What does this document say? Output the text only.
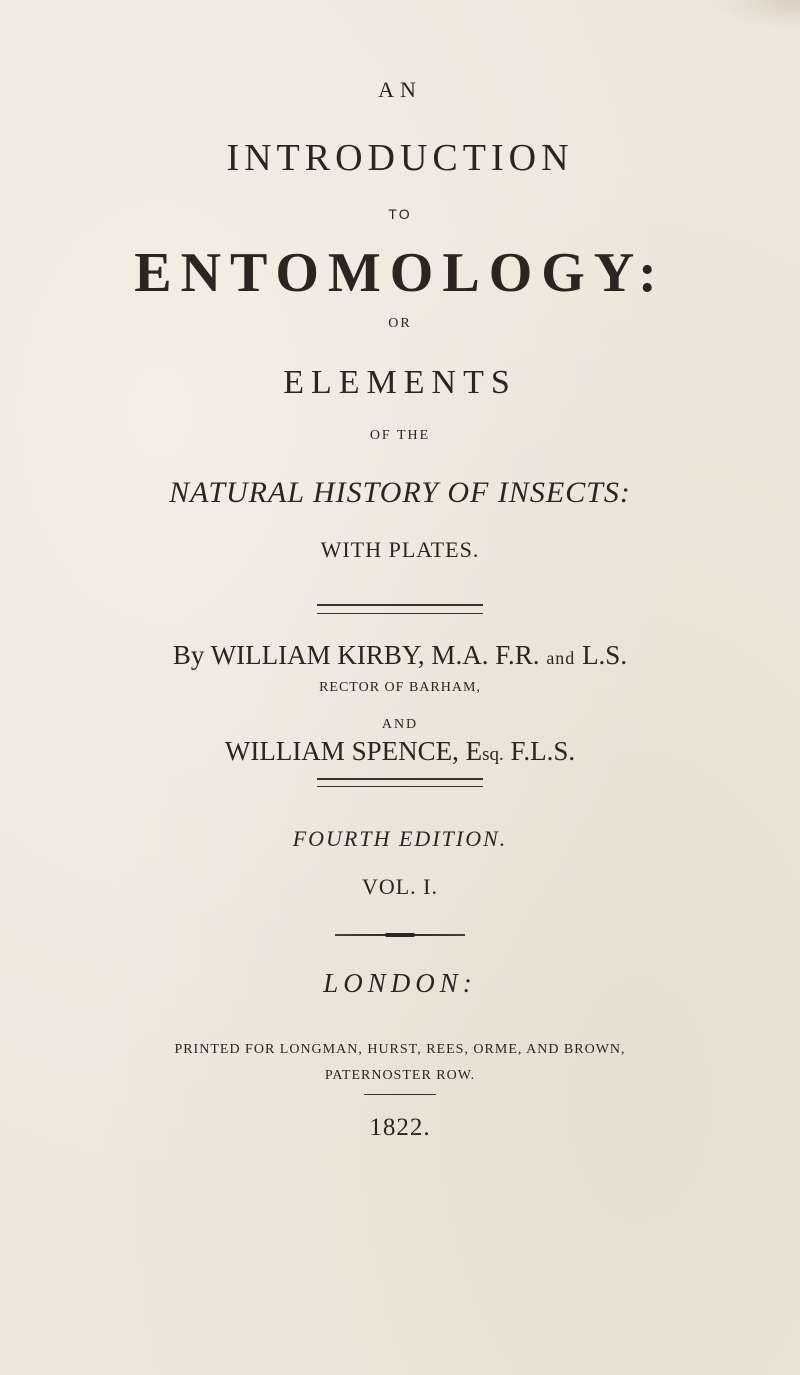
AN
INTRODUCTION
TO
ENTOMOLOGY:
OR
ELEMENTS
OF THE
NATURAL HISTORY OF INSECTS:
WITH PLATES.
By WILLIAM KIRBY, M.A. F.R. and L.S.
RECTOR OF BARHAM,
AND
WILLIAM SPENCE, Esq. F.L.S.
FOURTH EDITION.
VOL. I.
LONDON:
PRINTED FOR LONGMAN, HURST, REES, ORME, AND BROWN,
PATERNOSTER ROW.
1822.
